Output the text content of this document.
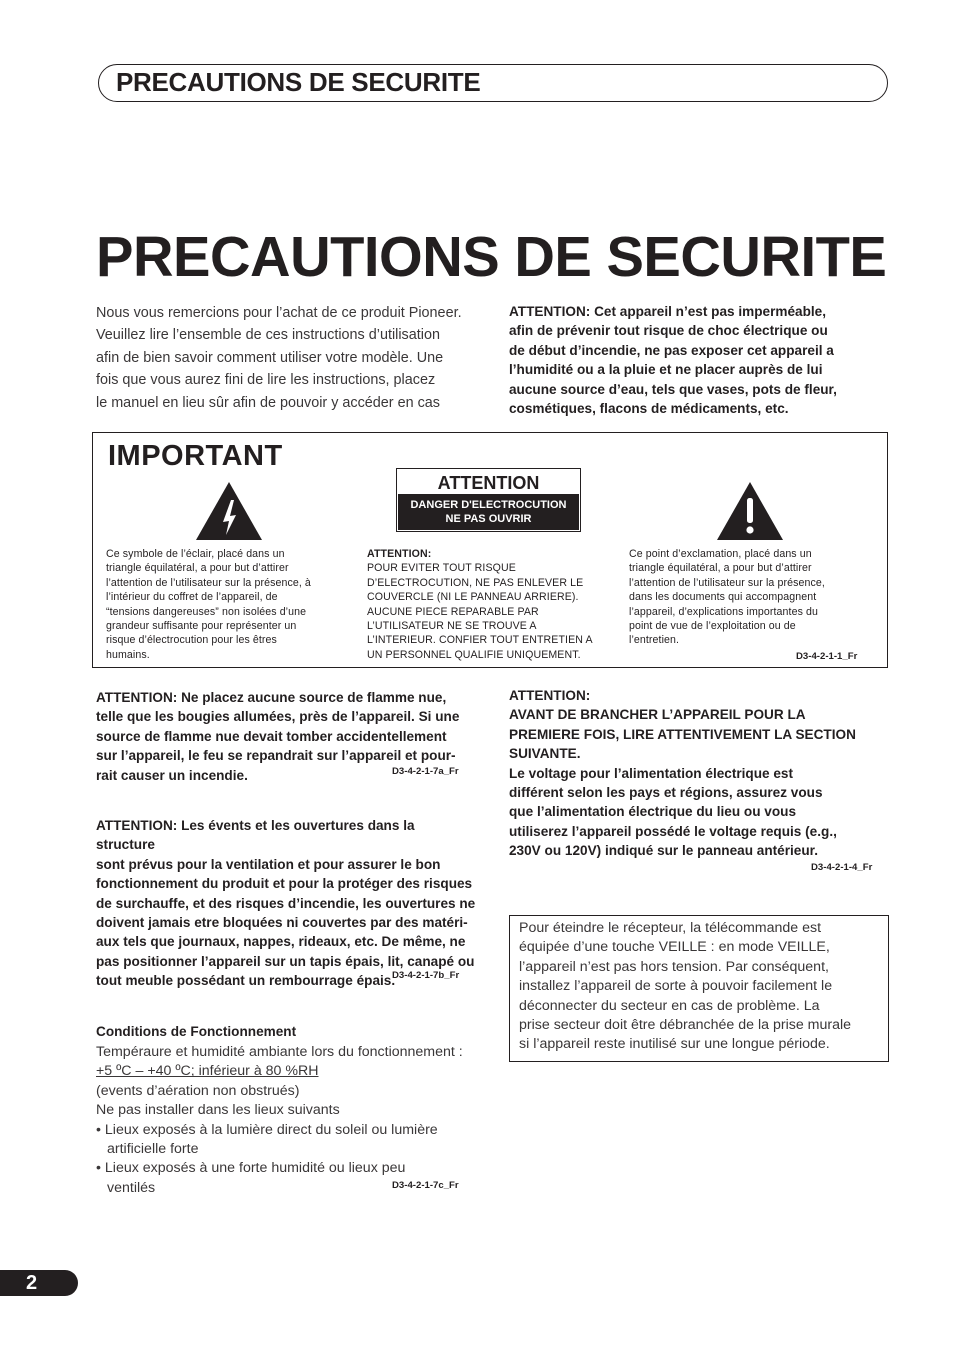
PRECAUTIONS DE SECURITE
PRECAUTIONS DE SECURITE
Nous vous remercions pour l’achat de ce produit Pioneer.
Veuillez lire l’ensemble de ces instructions d’utilisation
afin de bien savoir comment utiliser votre modèle. Une
fois que vous aurez fini de lire les instructions, placez
le manuel en lieu sûr afin de pouvoir y accéder en cas
ATTENTION: Cet appareil n’est pas imperméable,
afin de prévenir tout risque de choc électrique ou
de début d’incendie, ne pas exposer cet appareil a
l’humidité ou a la pluie et ne placer auprès de lui
aucune source d’eau, tels que vases, pots de fleur,
cosmétiques, flacons de médicaments, etc.
IMPORTANT
ATTENTION
DANGER D'ELECTROCUTION
NE PAS OUVRIR
Ce symbole de l’éclair, placé dans un
triangle équilatéral, a pour but d’attirer
l’attention de l’utilisateur sur la présence, à
l’intérieur du coffret de l’appareil, de
“tensions dangereuses” non isolées d’une
grandeur suffisante pour représenter un
risque d’électrocution pour les êtres
humains.
ATTENTION:
POUR EVITER TOUT RISQUE
D’ELECTROCUTION, NE PAS ENLEVER LE
COUVERCLE (NI LE PANNEAU ARRIERE).
AUCUNE PIECE REPARABLE PAR
L’UTILISATEUR NE SE TROUVE A
L’INTERIEUR. CONFIER TOUT ENTRETIEN A
UN PERSONNEL QUALIFIE UNIQUEMENT.
Ce point d’exclamation, placé dans un
triangle équilatéral, a pour but d’attirer
l’attention de l’utilisateur sur la présence,
dans les documents qui accompagnent
l’appareil, d’explications importantes du
point de vue de l’exploitation ou de
l’entretien.
D3-4-2-1-1_Fr
ATTENTION: Ne placez aucune source de flamme nue,
telle que les bougies allumées, près de l’appareil. Si une
source de flamme nue devait tomber accidentellement
sur l’appareil, le feu se repandrait sur l’appareil et pour-
rait causer un incendie.	D3-4-2-1-7a_Fr
ATTENTION: Les évents et les ouvertures dans la structure
sont prévus pour la ventilation et pour assurer le bon
fonctionnement du produit et pour la protéger des risques
de surchauffe, et des risques d’incendie, les ouvertures ne
doivent jamais etre bloquées ni couvertes par des matéri-
aux tels que journaux, nappes, rideaux, etc. De même, ne
pas positionner l’appareil sur un tapis épais, lit, canapé ou
tout meuble possédant un rembourrage épais.
D3-4-2-1-7b_Fr
Conditions de Fonctionnement
Tempéraure et humidité ambiante lors du fonctionnement :
+5 ºC – +40 ºC; inférieur à 80 %RH
(events d’aération non obstrués)
Ne pas installer dans les lieux suivants
• Lieux exposés à la lumière direct du soleil ou lumière artificielle forte
• Lieux exposés à une forte humidité ou lieux peu ventilés	D3-4-2-1-7c_Fr
ATTENTION:
AVANT DE BRANCHER L’APPAREIL POUR LA
PREMIERE FOIS, LIRE ATTENTIVEMENT LA SECTION
SUIVANTE.
Le voltage pour l’alimentation électrique est
différent selon les pays et régions, assurez vous
que l’alimentation électrique du lieu ou vous
utiliserez l’appareil possédé le voltage requis (e.g.,
230V ou 120V) indiqué sur le panneau antérieur.
D3-4-2-1-4_Fr
Pour éteindre le récepteur, la télécommande est
équipée d’une touche VEILLE : en mode VEILLE,
l’appareil n’est pas hors tension. Par conséquent,
installez l’appareil de sorte à pouvoir facilement le
déconnecter du secteur en cas de problème. La
prise secteur doit être débranchée de la prise murale
si l’appareil reste inutilisé sur une longue période.
2
